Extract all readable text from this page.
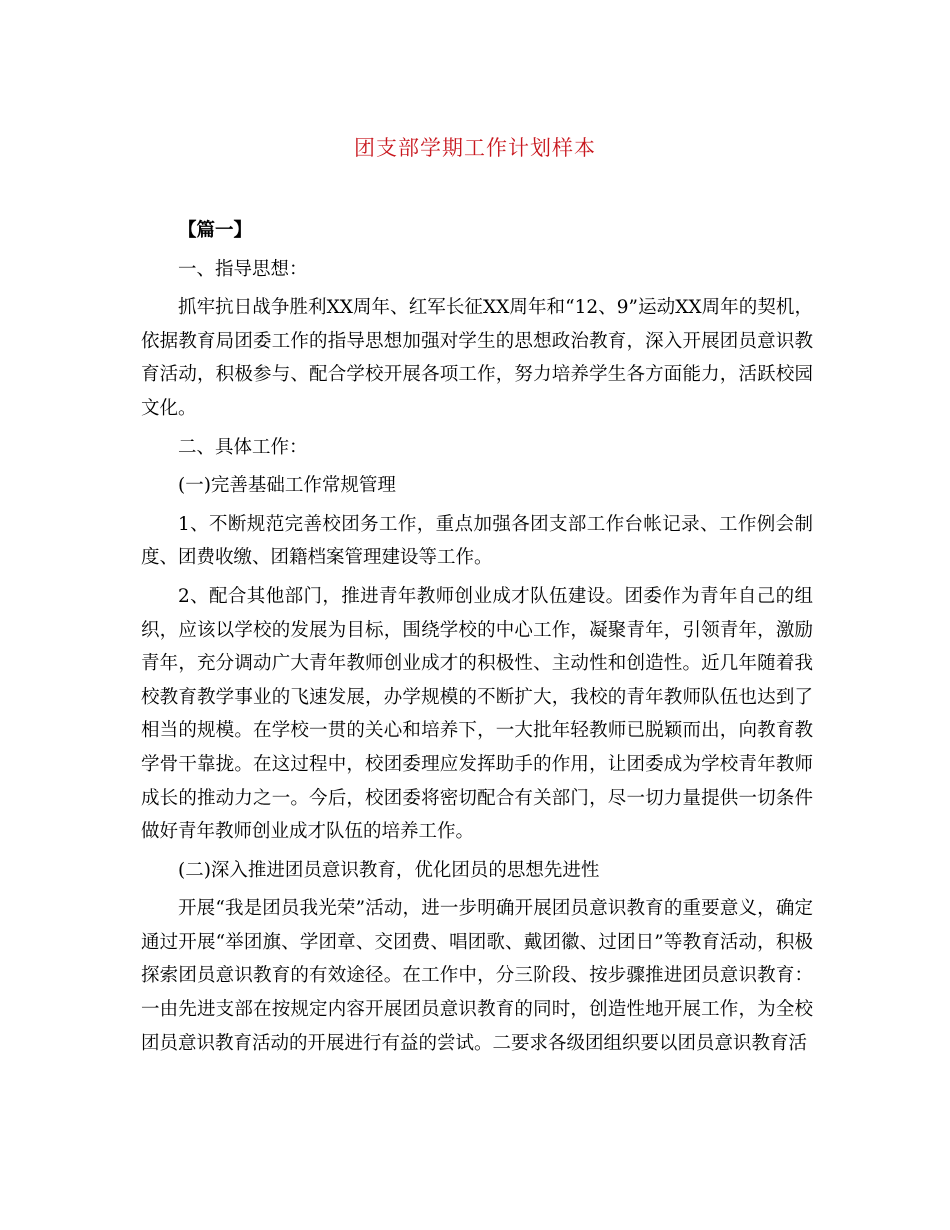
团支部学期工作计划样本

【篇一】

一、指导思想：

抓牢抗日战争胜利XX周年、红军长征XX周年和“12、9”运动XX周年的契机，依据教育局团委工作的指导思想加强对学生的思想政治教育，深入开展团员意识教育活动，积极参与、配合学校开展各项工作，努力培养学生各方面能力，活跃校园文化。

二、具体工作：

(一)完善基础工作常规管理

1、不断规范完善校团务工作，重点加强各团支部工作台帐记录、工作例会制度、团费收缴、团籍档案管理建设等工作。

2、配合其他部门，推进青年教师创业成才队伍建设。团委作为青年自己的组织，应该以学校的发展为目标，围绕学校的中心工作，凝聚青年，引领青年，激励青年，充分调动广大青年教师创业成才的积极性、主动性和创造性。近几年随着我校教育教学事业的飞速发展，办学规模的不断扩大，我校的青年教师队伍也达到了相当的规模。在学校一贯的关心和培养下，一大批年轻教师已脱颖而出，向教育教学骨干靠拢。在这过程中，校团委理应发挥助手的作用，让团委成为学校青年教师成长的推动力之一。今后，校团委将密切配合有关部门，尽一切力量提供一切条件做好青年教师创业成才队伍的培养工作。

(二)深入推进团员意识教育，优化团员的思想先进性

开展“我是团员我光荣”活动，进一步明确开展团员意识教育的重要意义，确定通过开展“举团旗、学团章、交团费、唱团歌、戴团徽、过团日”等教育活动，积极探索团员意识教育的有效途径。在工作中，分三阶段、按步骤推进团员意识教育：一由先进支部在按规定内容开展团员意识教育的同时，创造性地开展工作，为全校团员意识教育活动的开展进行有益的尝试。二要求各级团组织要以团员意识教育活
